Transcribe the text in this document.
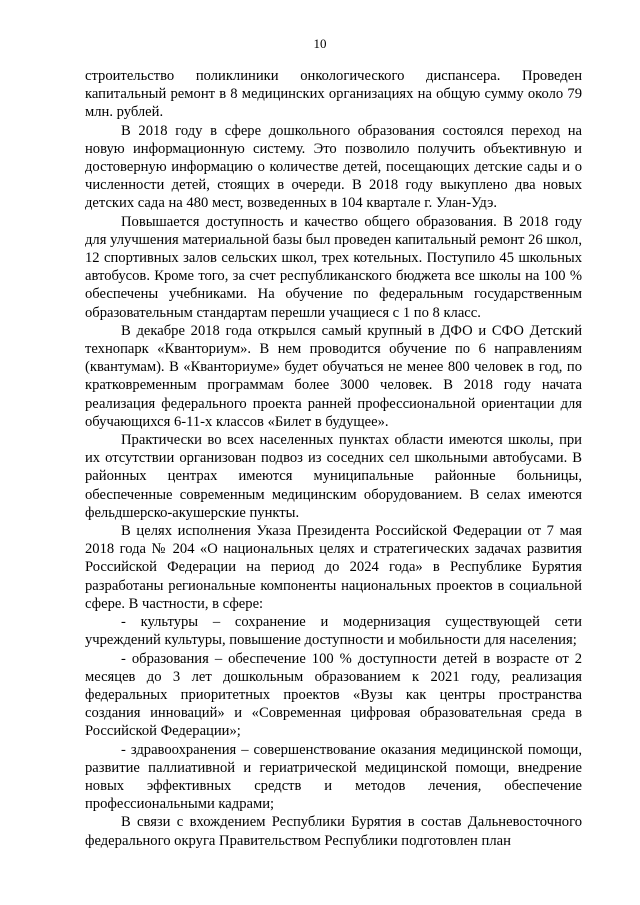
10

строительство поликлиники онкологического диспансера. Проведен капитальный ремонт в 8 медицинских организациях на общую сумму около 79 млн. рублей.

В 2018 году в сфере дошкольного образования состоялся переход на новую информационную систему. Это позволило получить объективную и достоверную информацию о количестве детей, посещающих детские сады и о численности детей, стоящих в очереди. В 2018 году выкуплено два новых детских сада на 480 мест, возведенных в 104 квартале г. Улан-Удэ.

Повышается доступность и качество общего образования. В 2018 году для улучшения материальной базы был проведен капитальный ремонт 26 школ, 12 спортивных залов сельских школ, трех котельных. Поступило 45 школьных автобусов. Кроме того, за счет республиканского бюджета все школы на 100 % обеспечены учебниками. На обучение по федеральным государственным образовательным стандартам перешли учащиеся с 1 по 8 класс.

В декабре 2018 года открылся самый крупный в ДФО и СФО Детский технопарк «Кванториум». В нем проводится обучение по 6 направлениям (квантумам). В «Кванториуме» будет обучаться не менее 800 человек в год, по кратковременным программам более 3000 человек. В 2018 году начата реализация федерального проекта ранней профессиональной ориентации для обучающихся 6-11-х классов «Билет в будущее».

Практически во всех населенных пунктах области имеются школы, при их отсутствии организован подвоз из соседних сел школьными автобусами. В районных центрах имеются муниципальные районные больницы, обеспеченные современным медицинским оборудованием. В селах имеются фельдшерско-акушерские пункты.

В целях исполнения Указа Президента Российской Федерации от 7 мая 2018 года № 204 «О национальных целях и стратегических задачах развития Российской Федерации на период до 2024 года» в Республике Бурятия разработаны региональные компоненты национальных проектов в социальной сфере. В частности, в сфере:

- культуры – сохранение и модернизация существующей сети учреждений культуры, повышение доступности и мобильности для населения;

- образования – обеспечение 100 % доступности детей в возрасте от 2 месяцев до 3 лет дошкольным образованием к 2021 году, реализация федеральных приоритетных проектов «Вузы как центры пространства создания инноваций» и «Современная цифровая образовательная среда в Российской Федерации»;

- здравоохранения – совершенствование оказания медицинской помощи, развитие паллиативной и гериатрической медицинской помощи, внедрение новых эффективных средств и методов лечения, обеспечение профессиональными кадрами;

В связи с вхождением Республики Бурятия в состав Дальневосточного федерального округа Правительством Республики подготовлен план
